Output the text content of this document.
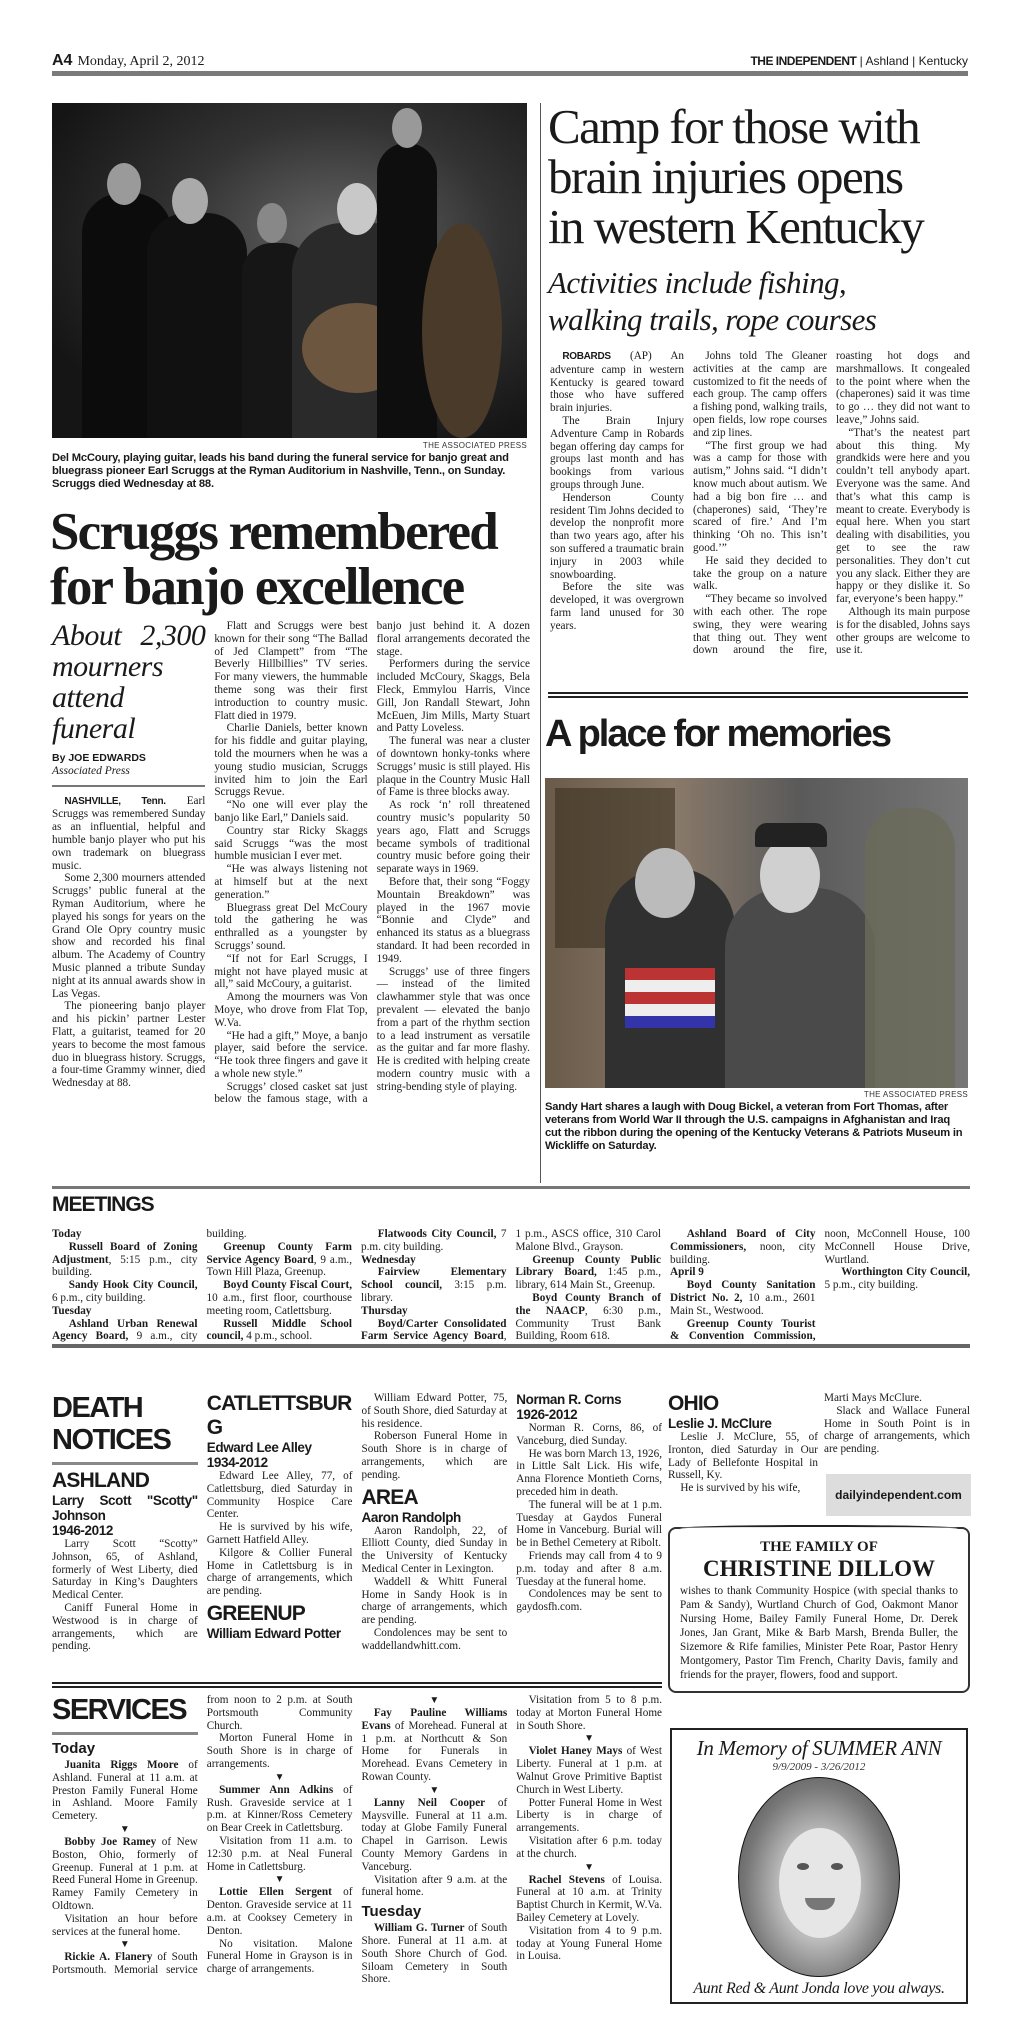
A4 Monday, April 2, 2012	THE INDEPENDENT | Ashland | Kentucky
THE ASSOCIATED PRESS
Del McCoury, playing guitar, leads his band during the funeral service for banjo great and bluegrass pioneer Earl Scruggs at the Ryman Auditorium in Nashville, Tenn., on Sunday. Scruggs died Wednesday at 88.
Scruggs remembered
for banjo excellence
About 2,300 mourners attend funeral
By JOE EDWARDS
Associated Press

NASHVILLE, Tenn. Earl Scruggs was remembered Sunday as an influential, helpful and humble banjo player who put his own trademark on bluegrass music.

Some 2,300 mourners attended Scruggs’ public funeral at the Ryman Auditorium, where he played his songs for years on the Grand Ole Opry country music show and recorded his final album. The Academy of Country Music planned a tribute Sunday night at its annual awards show in Las Vegas.

The pioneering banjo player and his pickin’ partner Lester Flatt, a guitarist, teamed for 20 years to become the most famous duo in bluegrass history. Scruggs, a four-time Grammy winner, died Wednesday at 88.

Flatt and Scruggs were best known for their song “The Ballad of Jed Clampett” from “The Beverly Hillbillies” TV series. For many viewers, the hummable theme song was their first introduction to country music. Flatt died in 1979.

Charlie Daniels, better known for his fiddle and guitar playing, told the mourners when he was a young studio musician, Scruggs invited him to join the Earl Scruggs Revue.

“No one will ever play the banjo like Earl,” Daniels said.

Country star Ricky Skaggs said Scruggs “was the most humble musician I ever met.

“He was always listening not at himself but at the next generation.”

Bluegrass great Del McCoury told the gathering he was enthralled as a youngster by Scruggs’ sound.

“If not for Earl Scruggs, I might not have played music at all,” said McCoury, a guitarist.

Among the mourners was Von Moye, who drove from Flat Top, W.Va.

“He had a gift,” Moye, a banjo player, said before the service. “He took three fingers and gave it a whole new style.”

Scruggs’ closed casket sat just below the famous stage, with a banjo just behind it. A dozen floral arrangements decorated the stage.

Performers during the service included McCoury, Skaggs, Bela Fleck, Emmylou Harris, Vince Gill, Jon Randall Stewart, John McEuen, Jim Mills, Marty Stuart and Patty Loveless.

The funeral was near a cluster of downtown honky-tonks where Scruggs’ music is still played. His plaque in the Country Music Hall of Fame is three blocks away.

As rock ‘n’ roll threatened country music’s popularity 50 years ago, Flatt and Scruggs became symbols of traditional country music before going their separate ways in 1969.

Before that, their song “Foggy Mountain Breakdown” was played in the 1967 movie “Bonnie and Clyde” and enhanced its status as a bluegrass standard. It had been recorded in 1949.

Scruggs’ use of three fingers — instead of the limited clawhammer style that was once prevalent — elevated the banjo from a part of the rhythm section to a lead instrument as versatile as the guitar and far more flashy. He is credited with helping create modern country music with a string-bending style of playing.

Camp for those with
brain injuries opens
in western Kentucky
Activities include fishing,
walking trails, rope courses

ROBARDS (AP) An adventure camp in western Kentucky is geared toward those who have suffered brain injuries.

The Brain Injury Adventure Camp in Robards began offering day camps for groups last month and has bookings from various groups through June.

Henderson County resident Tim Johns decided to develop the nonprofit more than two years ago, after his son suffered a traumatic brain injury in 2003 while snowboarding.

Before the site was developed, it was overgrown farm land unused for 30 years.

Johns told The Gleaner activities at the camp are customized to fit the needs of each group. The camp offers a fishing pond, walking trails, open fields, low rope courses and zip lines.

“The first group we had was a camp for those with autism,” Johns said. “I didn’t know much about autism. We had a big bon fire … and (chaperones) said, ‘They’re scared of fire.’ And I’m thinking ‘Oh no. This isn’t good.’”

He said they decided to take the group on a nature walk.

“They became so involved with each other. The rope swing, they were wearing that thing out. They went down around the fire, roasting hot dogs and marshmallows. It congealed to the point where when the (chaperones) said it was time to go … they did not want to leave,” Johns said.

“That’s the neatest part about this thing. My grandkids were here and you couldn’t tell anybody apart. Everyone was the same. And that’s what this camp is meant to create. Everybody is equal here. When you start dealing with disabilities, you get to see the raw personalities. They don’t cut you any slack. Either they are happy or they dislike it. So far, everyone’s been happy.”

Although its main purpose is for the disabled, Johns says other groups are welcome to use it.

A place for memories
THE ASSOCIATED PRESS
Sandy Hart shares a laugh with Doug Bickel, a veteran from Fort Thomas, after veterans from World War II through the U.S. campaigns in Afghanistan and Iraq cut the ribbon during the opening of the Kentucky Veterans & Patriots Museum in Wickliffe on Saturday.
MEETINGS

Today

Russell Board of Zoning Adjustment, 5:15 p.m., city building.

Sandy Hook City Council, 6 p.m., city building.

Tuesday

Ashland Urban Renewal Agency Board, 9 a.m., city building.

Greenup County Farm Service Agency Board, 9 a.m., Town Hill Plaza, Greenup.

Boyd County Fiscal Court, 10 a.m., first floor, courthouse meeting room, Catlettsburg.

Russell Middle School council, 4 p.m., school.

Flatwoods City Council, 7 p.m. city building.

Wednesday

Fairview Elementary School council, 3:15 p.m. library.

Thursday

Boyd/Carter Consolidated Farm Service Agency Board, 1 p.m., ASCS office, 310 Carol Malone Blvd., Grayson.

Greenup County Public Library Board, 1:45 p.m., library, 614 Main St., Greenup.

Boyd County Branch of the NAACP, 6:30 p.m., Community Trust Bank Building, Room 618.

Ashland Board of City Commissioners, noon, city building.

April 9

Boyd County Sanitation District No. 2, 10 a.m., 2601 Main St., Westwood.

Greenup County Tourist & Convention Commission, noon, McConnell House, 100 McConnell House Drive, Wurtland.

Worthington City Council, 5 p.m., city building.

DEATH NOTICES
ASHLAND
Larry Scott "Scotty" Johnson
1946-2012

Larry Scott “Scotty” Johnson, 65, of Ashland, formerly of West Liberty, died Saturday in King’s Daughters Medical Center.

Caniff Funeral Home in Westwood is in charge of arrangements, which are pending.

CATLETTSBURG
Edward Lee Alley
1934-2012

Edward Lee Alley, 77, of Catlettsburg, died Saturday in Community Hospice Care Center.

He is survived by his wife, Garnett Hatfield Alley.

Kilgore & Collier Funeral Home in Catlettsburg is in charge of arrangements, which are pending.

GREENUP
William Edward Potter

William Edward Potter, 75, of South Shore, died Saturday at his residence.

Roberson Funeral Home in South Shore is in charge of arrangements, which are pending.

AREA
Aaron Randolph

Aaron Randolph, 22, of Elliott County, died Sunday in the University of Kentucky Medical Center in Lexington.

Waddell & Whitt Funeral Home in Sandy Hook is in charge of arrangements, which are pending.

Condolences may be sent to waddellandwhitt.com.

Norman R. Corns
1926-2012

Norman R. Corns, 86, of Vanceburg, died Sunday.

He was born March 13, 1926, in Little Salt Lick. His wife, Anna Florence Montieth Corns, preceded him in death.

The funeral will be at 1 p.m. Tuesday at Gaydos Funeral Home in Vanceburg. Burial will be in Bethel Cemetery at Ribolt.

Friends may call from 4 to 9 p.m. today and after 8 a.m. Tuesday at the funeral home.

Condolences may be sent to gaydosfh.com.

OHIO
Leslie J. McClure

Leslie J. McClure, 55, of Ironton, died Saturday in Our Lady of Bellefonte Hospital in Russell, Ky.

He is survived by his wife,

Marti Mays McClure.

Slack and Wallace Funeral Home in South Point is in charge of arrangements, which are pending.

dailyindependent.com
THE FAMILY OF
CHRISTINE DILLOW
wishes to thank Community Hospice (with special thanks to Pam & Sandy), Wurtland Church of God, Oakmont Manor Nursing Home, Bailey Family Funeral Home, Dr. Derek Jones, Jan Grant, Mike & Barb Marsh, Brenda Buller, the Sizemore & Rife families, Minister Pete Roar, Pastor Henry Montgomery, Pastor Tim French, Charity Davis, family and friends for the prayer, flowers, food and support.
SERVICES
Today

Juanita Riggs Moore of Ashland. Funeral at 11 a.m. at Preston Family Funeral Home in Ashland. Moore Family Cemetery.

▼

Bobby Joe Ramey of New Boston, Ohio, formerly of Greenup. Funeral at 1 p.m. at Reed Funeral Home in Greenup. Ramey Family Cemetery in Oldtown.

Visitation an hour before services at the funeral home.

▼

Rickie A. Flanery of South Portsmouth. Memorial service from noon to 2 p.m. at South Portsmouth Community Church.

Morton Funeral Home in South Shore is in charge of arrangements.

▼

Summer Ann Adkins of Rush. Graveside service at 1 p.m. at Kinner/Ross Cemetery on Bear Creek in Catlettsburg.

Visitation from 11 a.m. to 12:30 p.m. at Neal Funeral Home in Catlettsburg.

▼

Lottie Ellen Sergent of Denton. Graveside service at 11 a.m. at Cooksey Cemetery in Denton.

No visitation. Malone Funeral Home in Grayson is in charge of arrangements.

▼

Fay Pauline Williams Evans of Morehead. Funeral at 1 p.m. at Northcutt & Son Home for Funerals in Morehead. Evans Cemetery in Rowan County.

▼

Lanny Neil Cooper of Maysville. Funeral at 11 a.m. today at Globe Family Funeral Chapel in Garrison. Lewis County Memory Gardens in Vanceburg.

Visitation after 9 a.m. at the funeral home.

Tuesday

William G. Turner of South Shore. Funeral at 11 a.m. at South Shore Church of God. Siloam Cemetery in South Shore.

Visitation from 5 to 8 p.m. today at Morton Funeral Home in South Shore.

▼

Violet Haney Mays of West Liberty. Funeral at 1 p.m. at Walnut Grove Primitive Baptist Church in West Liberty.

Potter Funeral Home in West Liberty is in charge of arrangements.

Visitation after 6 p.m. today at the church.

▼

Rachel Stevens of Louisa. Funeral at 10 a.m. at Trinity Baptist Church in Kermit, W.Va. Bailey Cemetery at Lovely.

Visitation from 4 to 9 p.m. today at Young Funeral Home in Louisa.

In Memory of SUMMER ANN
9/9/2009 - 3/26/2012
Aunt Red & Aunt Jonda love you always.
